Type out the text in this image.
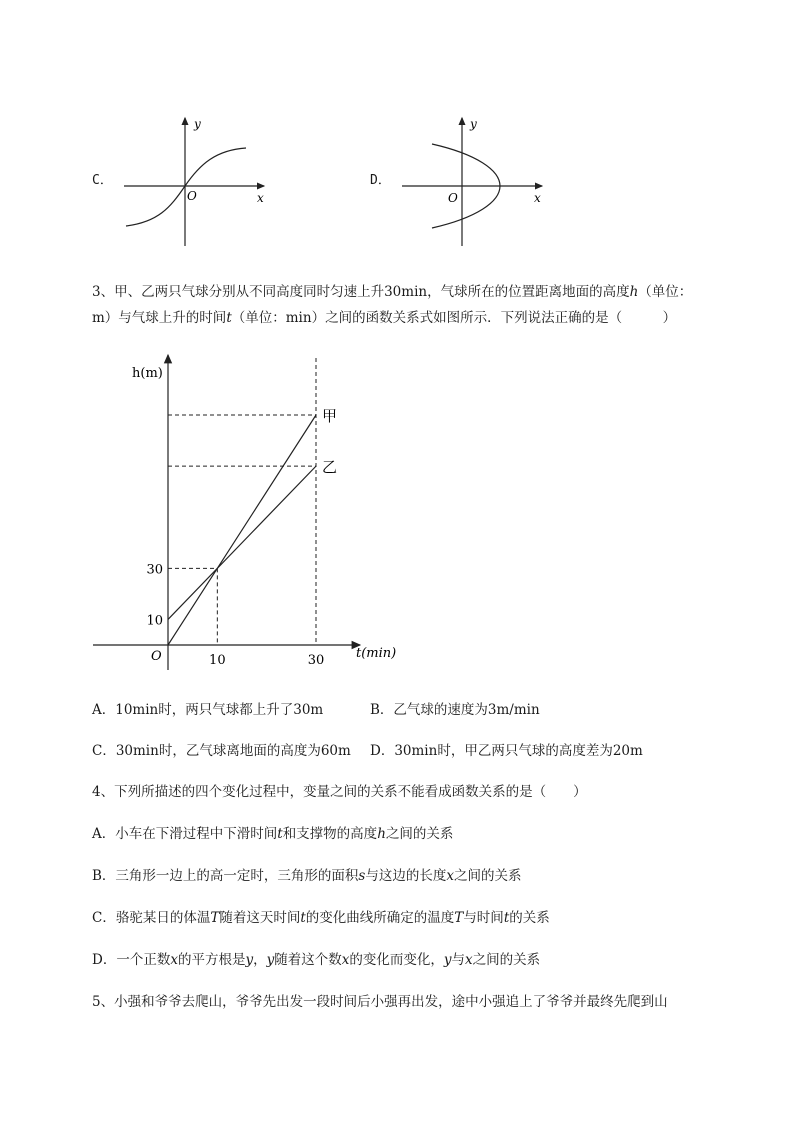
C．
y
x
O
D．
y
x
O
3、甲、乙两只气球分别从不同高度同时匀速上升30min，气球所在的位置距离地面的高度h（单位：
m）与气球上升的时间t（单位：min）之间的函数关系式如图所示．下列说法正确的是（　　　）
甲
乙
10	30
10
30
h(m)
t(min)
O
A．10min时，两只气球都上升了30m	B．乙气球的速度为3m/min
C．30min时，乙气球离地面的高度为60m D．30min时，甲乙两只气球的高度差为20m
4、下列所描述的四个变化过程中，变量之间的关系不能看成函数关系的是（　　）
A．小车在下滑过程中下滑时间t和支撑物的高度h之间的关系
B．三角形一边上的高一定时，三角形的面积s与这边的长度x之间的关系
C．骆驼某日的体温T随着这天时间t的变化曲线所确定的温度T与时间t的关系
D．一个正数x的平方根是y，y随着这个数x的变化而变化，y与x之间的关系
5、小强和爷爷去爬山，爷爷先出发一段时间后小强再出发，途中小强追上了爷爷并最终先爬到山
